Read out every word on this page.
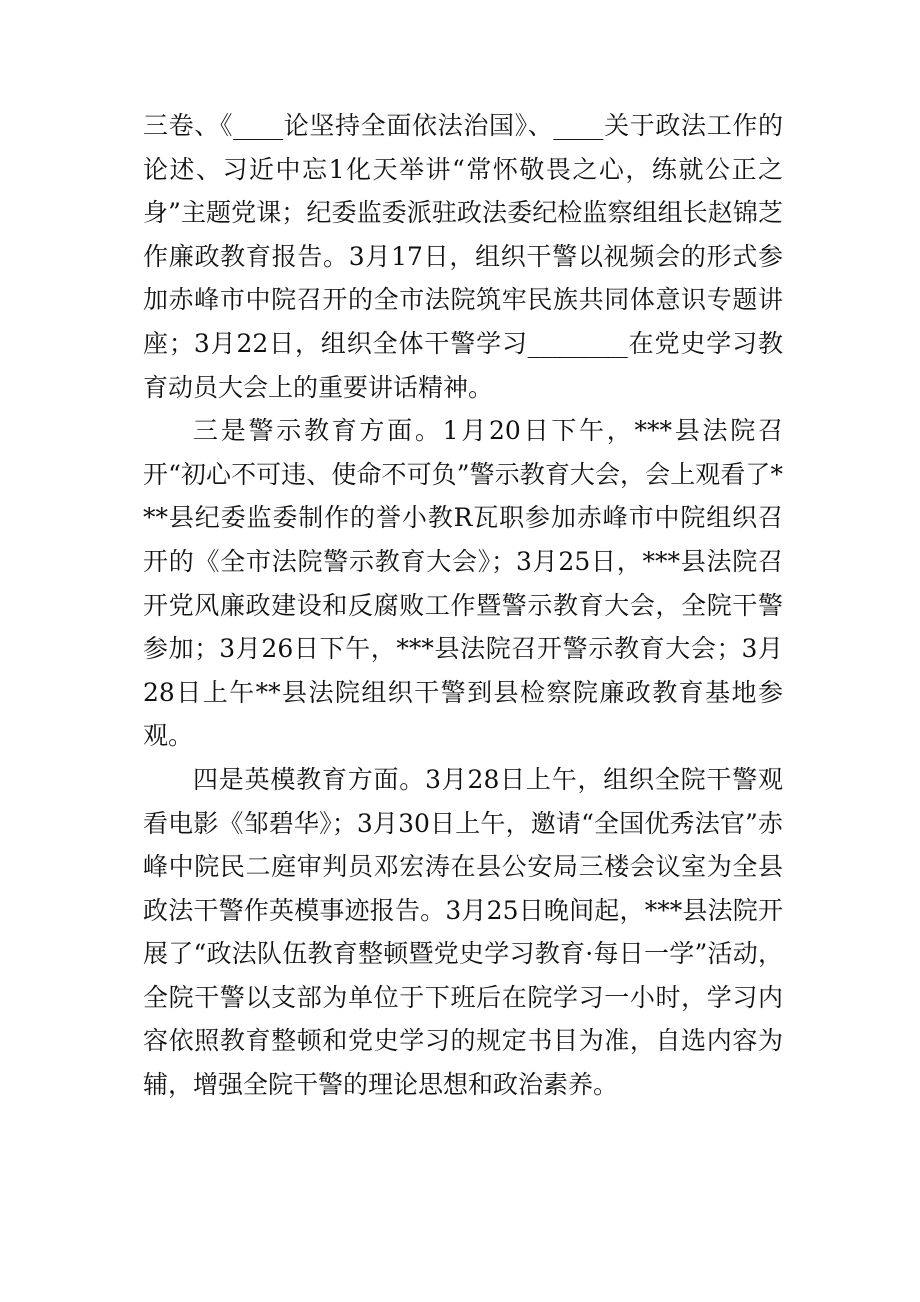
三卷、《____论坚持全面依法治国》、____关于政法工作的论述、习近中忘1化天举讲“常怀敬畏之心，练就公正之身”主题党课；纪委监委派驻政法委纪检监察组组长赵锦芝作廉政教育报告。3月17日，组织干警以视频会的形式参加赤峰市中院召开的全市法院筑牢民族共同体意识专题讲座；3月22日，组织全体干警学习________在党史学习教育动员大会上的重要讲话精神。

三是警示教育方面。1月20日下午，***县法院召开“初心不可违、使命不可负”警示教育大会，会上观看了***县纪委监委制作的誉小教R瓦职参加赤峰市中院组织召开的《全市法院警示教育大会》；3月25日，***县法院召开党风廉政建设和反腐败工作暨警示教育大会，全院干警参加；3月26日下午，***县法院召开警示教育大会；3月28日上午**县法院组织干警到县检察院廉政教育基地参观。

四是英模教育方面。3月28日上午，组织全院干警观看电影《邹碧华》；3月30日上午，邀请“全国优秀法官”赤峰中院民二庭审判员邓宏涛在县公安局三楼会议室为全县政法干警作英模事迹报告。3月25日晚间起，***县法院开展了“政法队伍教育整顿暨党史学习教育·每日一学”活动，全院干警以支部为单位于下班后在院学习一小时，学习内容依照教育整顿和党史学习的规定书目为准，自选内容为辅，增强全院干警的理论思想和政治素养。
